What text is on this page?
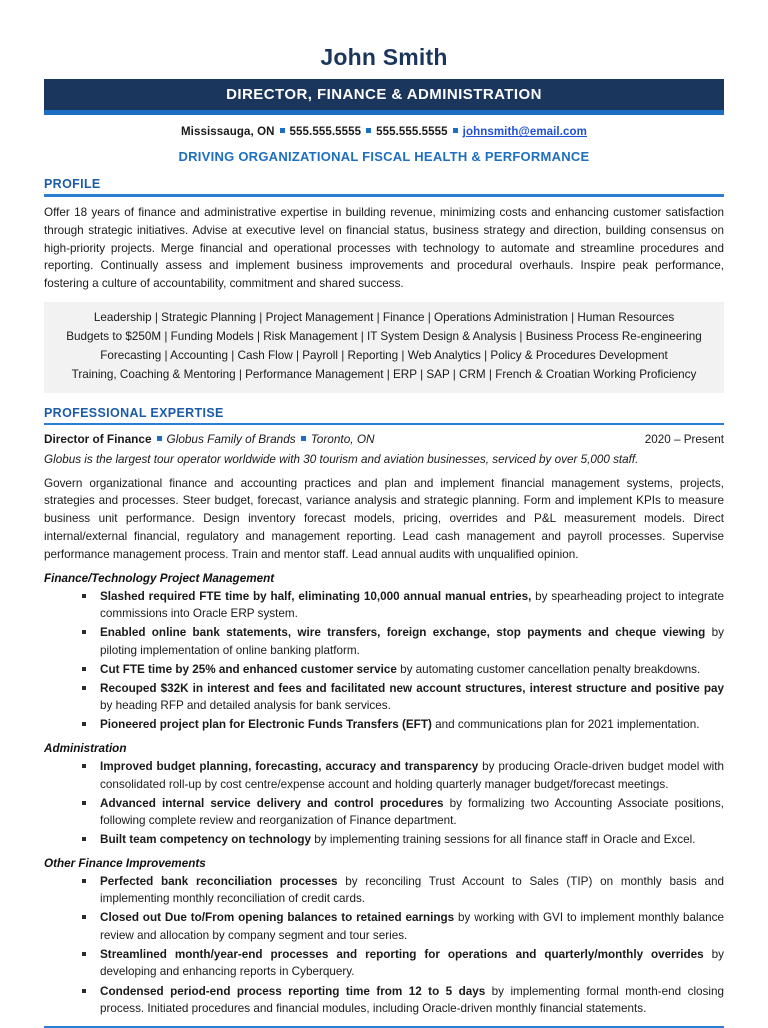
John Smith
DIRECTOR, FINANCE & ADMINISTRATION
Mississauga, ON 555.555.5555 555.555.5555 johnsmith@email.com
DRIVING ORGANIZATIONAL FISCAL HEALTH & PERFORMANCE
PROFILE

Offer 18 years of finance and administrative expertise in building revenue, minimizing costs and enhancing customer satisfaction through strategic initiatives. Advise at executive level on financial status, business strategy and direction, building consensus on high-priority projects. Merge financial and operational processes with technology to automate and streamline procedures and reporting. Continually assess and implement business improvements and procedural overhauls. Inspire peak performance, fostering a culture of accountability, commitment and shared success.

Leadership | Strategic Planning | Project Management | Finance | Operations Administration | Human Resources
Budgets to $250M | Funding Models | Risk Management | IT System Design & Analysis | Business Process Re-engineering
Forecasting | Accounting | Cash Flow | Payroll | Reporting | Web Analytics | Policy & Procedures Development
Training, Coaching & Mentoring | Performance Management | ERP | SAP | CRM | French & Croatian Working Proficiency
PROFESSIONAL EXPERTISE
Director of Finance Globus Family of Brands Toronto, ON	2020 – Present
Globus is the largest tour operator worldwide with 30 tourism and aviation businesses, serviced by over 5,000 staff.

Govern organizational finance and accounting practices and plan and implement financial management systems, projects, strategies and processes. Steer budget, forecast, variance analysis and strategic planning. Form and implement KPIs to measure business unit performance. Design inventory forecast models, pricing, overrides and P&L measurement models. Direct internal/external financial, regulatory and management reporting. Lead cash management and payroll processes. Supervise performance management process. Train and mentor staff. Lead annual audits with unqualified opinion.

Finance/Technology Project Management
Slashed required FTE time by half, eliminating 10,000 annual manual entries, by spearheading project to integrate commissions into Oracle ERP system.
Enabled online bank statements, wire transfers, foreign exchange, stop payments and cheque viewing by piloting implementation of online banking platform.
Cut FTE time by 25% and enhanced customer service by automating customer cancellation penalty breakdowns.
Recouped $32K in interest and fees and facilitated new account structures, interest structure and positive pay by heading RFP and detailed analysis for bank services.
Pioneered project plan for Electronic Funds Transfers (EFT) and communications plan for 2021 implementation.
Administration
Improved budget planning, forecasting, accuracy and transparency by producing Oracle-driven budget model with consolidated roll-up by cost centre/expense account and holding quarterly manager budget/forecast meetings.
Advanced internal service delivery and control procedures by formalizing two Accounting Associate positions, following complete review and reorganization of Finance department.
Built team competency on technology by implementing training sessions for all finance staff in Oracle and Excel.
Other Finance Improvements
Perfected bank reconciliation processes by reconciling Trust Account to Sales (TIP) on monthly basis and implementing monthly reconciliation of credit cards.
Closed out Due to/From opening balances to retained earnings by working with GVI to implement monthly balance review and allocation by company segment and tour series.
Streamlined month/year-end processes and reporting for operations and quarterly/monthly overrides by developing and enhancing reports in Cyberquery.
Condensed period-end process reporting time from 12 to 5 days by implementing formal month-end closing process. Initiated procedures and financial modules, including Oracle-driven monthly financial statements.
